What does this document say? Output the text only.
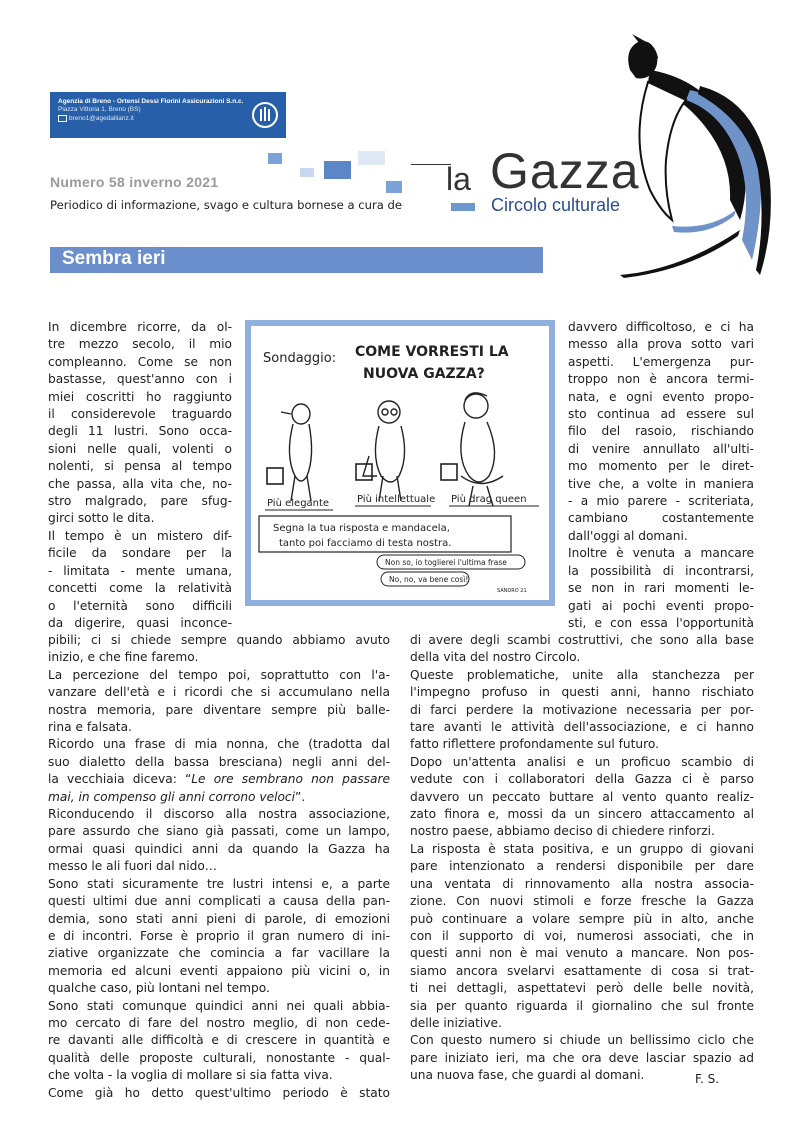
Agenzia di Breno - Ortensi Dessì Fiorini Assicurazioni S.n.c.
Piazza Vittoria 1, Breno (BS)
breno1@agedallianz.it
Numero 58 inverno 2021
Periodico di informazione, svago e cultura bornese a cura de
la Gazza
Circolo culturale
Sembra ieri
Sondaggio: COME VORRESTI LA
NUOVA GAZZA?
Più elegante	Più intellettuale Più drag queen
Segna la tua risposta e mandacela,
tanto poi facciamo di testa nostra.
Non so, io toglierei l'ultima frase
No, no, va bene così!
SANDRO 21
In dicembre ricorre, da ol-
tre mezzo secolo, il mio
compleanno. Come se non
bastasse, quest'anno con i
miei coscritti ho raggiunto
il considerevole traguardo
degli 11 lustri. Sono occa-
sioni nelle quali, volenti o
nolenti, si pensa al tempo
che passa, alla vita che, no-
stro malgrado, pare sfug-
girci sotto le dita.

Il tempo è un mistero dif-
ficile da sondare per la
- limitata - mente umana,
concetti come la relatività
o l'eternità sono difficili
da digerire, quasi inconce-
pibili; ci si chiede sempre quando abbiamo avuto
inizio, e che fine faremo.

La percezione del tempo poi, soprattutto con l'a-
vanzare dell'età e i ricordi che si accumulano nella
nostra memoria, pare diventare sempre più balle-
rina e falsata.

Ricordo una frase di mia nonna, che (tradotta dal
suo dialetto della bassa bresciana) negli anni del-
la vecchiaia diceva: “Le ore sembrano non passare
mai, in compenso gli anni corrono veloci”.

Riconducendo il discorso alla nostra associazione,
pare assurdo che siano già passati, come un lampo,
ormai quasi quindici anni da quando la Gazza ha
messo le ali fuori dal nido…

Sono stati sicuramente tre lustri intensi e, a parte
questi ultimi due anni complicati a causa della pan-
demia, sono stati anni pieni di parole, di emozioni
e di incontri. Forse è proprio il gran numero di ini-
ziative organizzate che comincia a far vacillare la
memoria ed alcuni eventi appaiono più vicini o, in
qualche caso, più lontani nel tempo.

Sono stati comunque quindici anni nei quali abbia-
mo cercato di fare del nostro meglio, di non cede-
re davanti alle difficoltà e di crescere in quantità e
qualità delle proposte culturali, nonostante - qual-
che volta - la voglia di mollare si sia fatta viva.

Come già ho detto quest'ultimo periodo è stato
davvero difficoltoso, e ci ha
messo alla prova sotto vari
aspetti. L'emergenza pur-
troppo non è ancora termi-
nata, e ogni evento propo-
sto continua ad essere sul
filo del rasoio, rischiando
di venire annullato all'ulti-
mo momento per le diret-
tive che, a volte in maniera
- a mio parere - scriteriata,
cambiano costantemente
dall'oggi al domani.

Inoltre è venuta a mancare
la possibilità di incontrarsi,
se non in rari momenti le-
gati ai pochi eventi propo-
sti, e con essa l'opportunità
di avere degli scambi costruttivi, che sono alla base
della vita del nostro Circolo.

Queste problematiche, unite alla stanchezza per
l'impegno profuso in questi anni, hanno rischiato
di farci perdere la motivazione necessaria per por-
tare avanti le attività dell'associazione, e ci hanno
fatto riflettere profondamente sul futuro.

Dopo un'attenta analisi e un proficuo scambio di
vedute con i collaboratori della Gazza ci è parso
davvero un peccato buttare al vento quanto realiz-
zato finora e, mossi da un sincero attaccamento al
nostro paese, abbiamo deciso di chiedere rinforzi.

La risposta è stata positiva, e un gruppo di giovani
pare intenzionato a rendersi disponibile per dare
una ventata di rinnovamento alla nostra associa-
zione. Con nuovi stimoli e forze fresche la Gazza
può continuare a volare sempre più in alto, anche
con il supporto di voi, numerosi associati, che in
questi anni non è mai venuto a mancare. Non pos-
siamo ancora svelarvi esattamente di cosa si trat-
ti nei dettagli, aspettatevi però delle belle novità,
sia per quanto riguarda il giornalino che sul fronte
delle iniziative.

Con questo numero si chiude un bellissimo ciclo che
pare iniziato ieri, ma che ora deve lasciar spazio ad
una nuova fase, che guardi al domani.	F. S.
